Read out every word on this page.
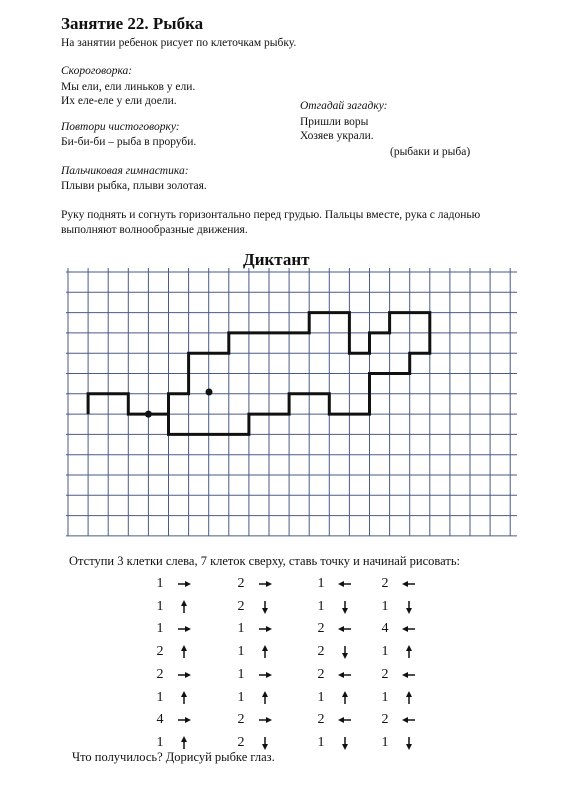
Занятие 22. Рыбка
На занятии ребенок рисует по клеточкам рыбку.
Скороговорка:
Мы ели, ели линьков у ели.
Их еле-еле у ели доели.
Повтори чистоговорку:
Би-би-би – рыба в проруби.
Отгадай загадку:
Пришли воры
Хозяев украли.
(рыбаки и рыба)
Пальчиковая гимнастика:
Плыви рыбка, плыви золотая.
Руку поднять и согнуть горизонтально перед грудью. Пальцы вместе, рука с ладонью
выполняют волнообразные движения.
Диктант
Отступи 3 клетки слева, 7 клеток сверху, ставь точку и начинай рисовать:
1
1
1
2
2
1
4
1
2
2
1
1
1
1
2
2
1
1
2
2
2
1
2
1
2
1
4
1
2
1
2
1
Что получилось? Дорисуй рыбке глаз.
